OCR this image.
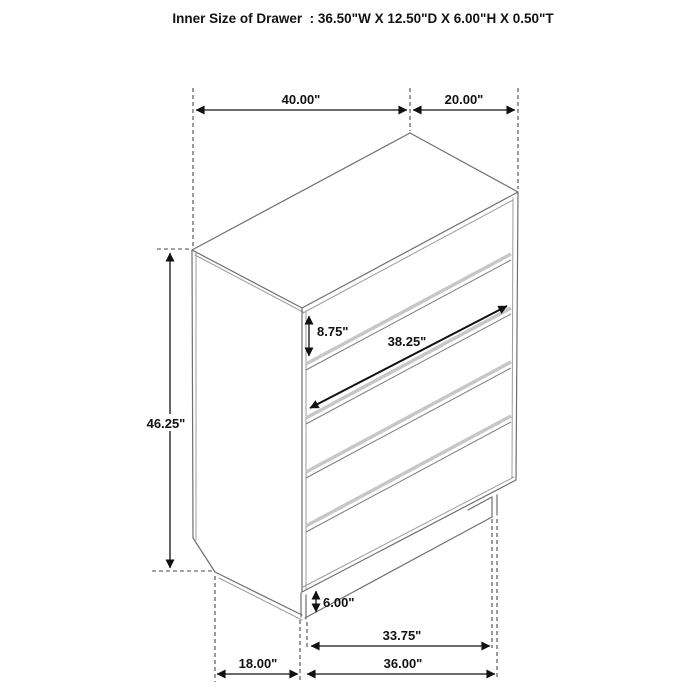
Inner Size of Drawer  : 36.50"W X 12.50"D X 6.00"H X 0.50"T
40.00"	20.00"
46.25"
8.75"
38.25"
6.00"
33.75"
18.00"	36.00"
